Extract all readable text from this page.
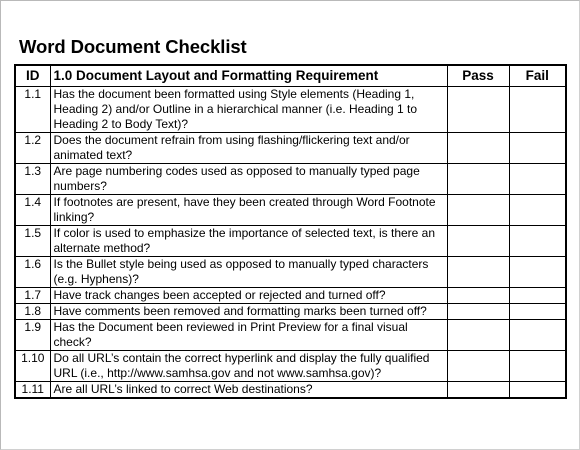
Word Document Checklist
ID	1.0 Document Layout and Formatting Requirement	Pass	Fail
1.1	Has the document been formatted using Style elements (Heading 1, Heading 2) and/or Outline in a hierarchical manner (i.e. Heading 1 to Heading 2 to Body Text)?		
1.2	Does the document refrain from using flashing/flickering text and/or animated text?		
1.3	Are page numbering codes used as opposed to manually typed page numbers?		
1.4	If footnotes are present, have they been created through Word Footnote linking?		
1.5	If color is used to emphasize the importance of selected text, is there an alternate method?		
1.6	Is the Bullet style being used as opposed to manually typed characters (e.g. Hyphens)?		
1.7	Have track changes been accepted or rejected and turned off?		
1.8	Have comments been removed and formatting marks been turned off?		
1.9	Has the Document been reviewed in Print Preview for a final visual check?		
1.10	Do all URL’s contain the correct hyperlink and display the fully qualified URL (i.e., http://www.samhsa.gov and not www.samhsa.gov)?		
1.11	Are all URL’s linked to correct Web destinations?		
